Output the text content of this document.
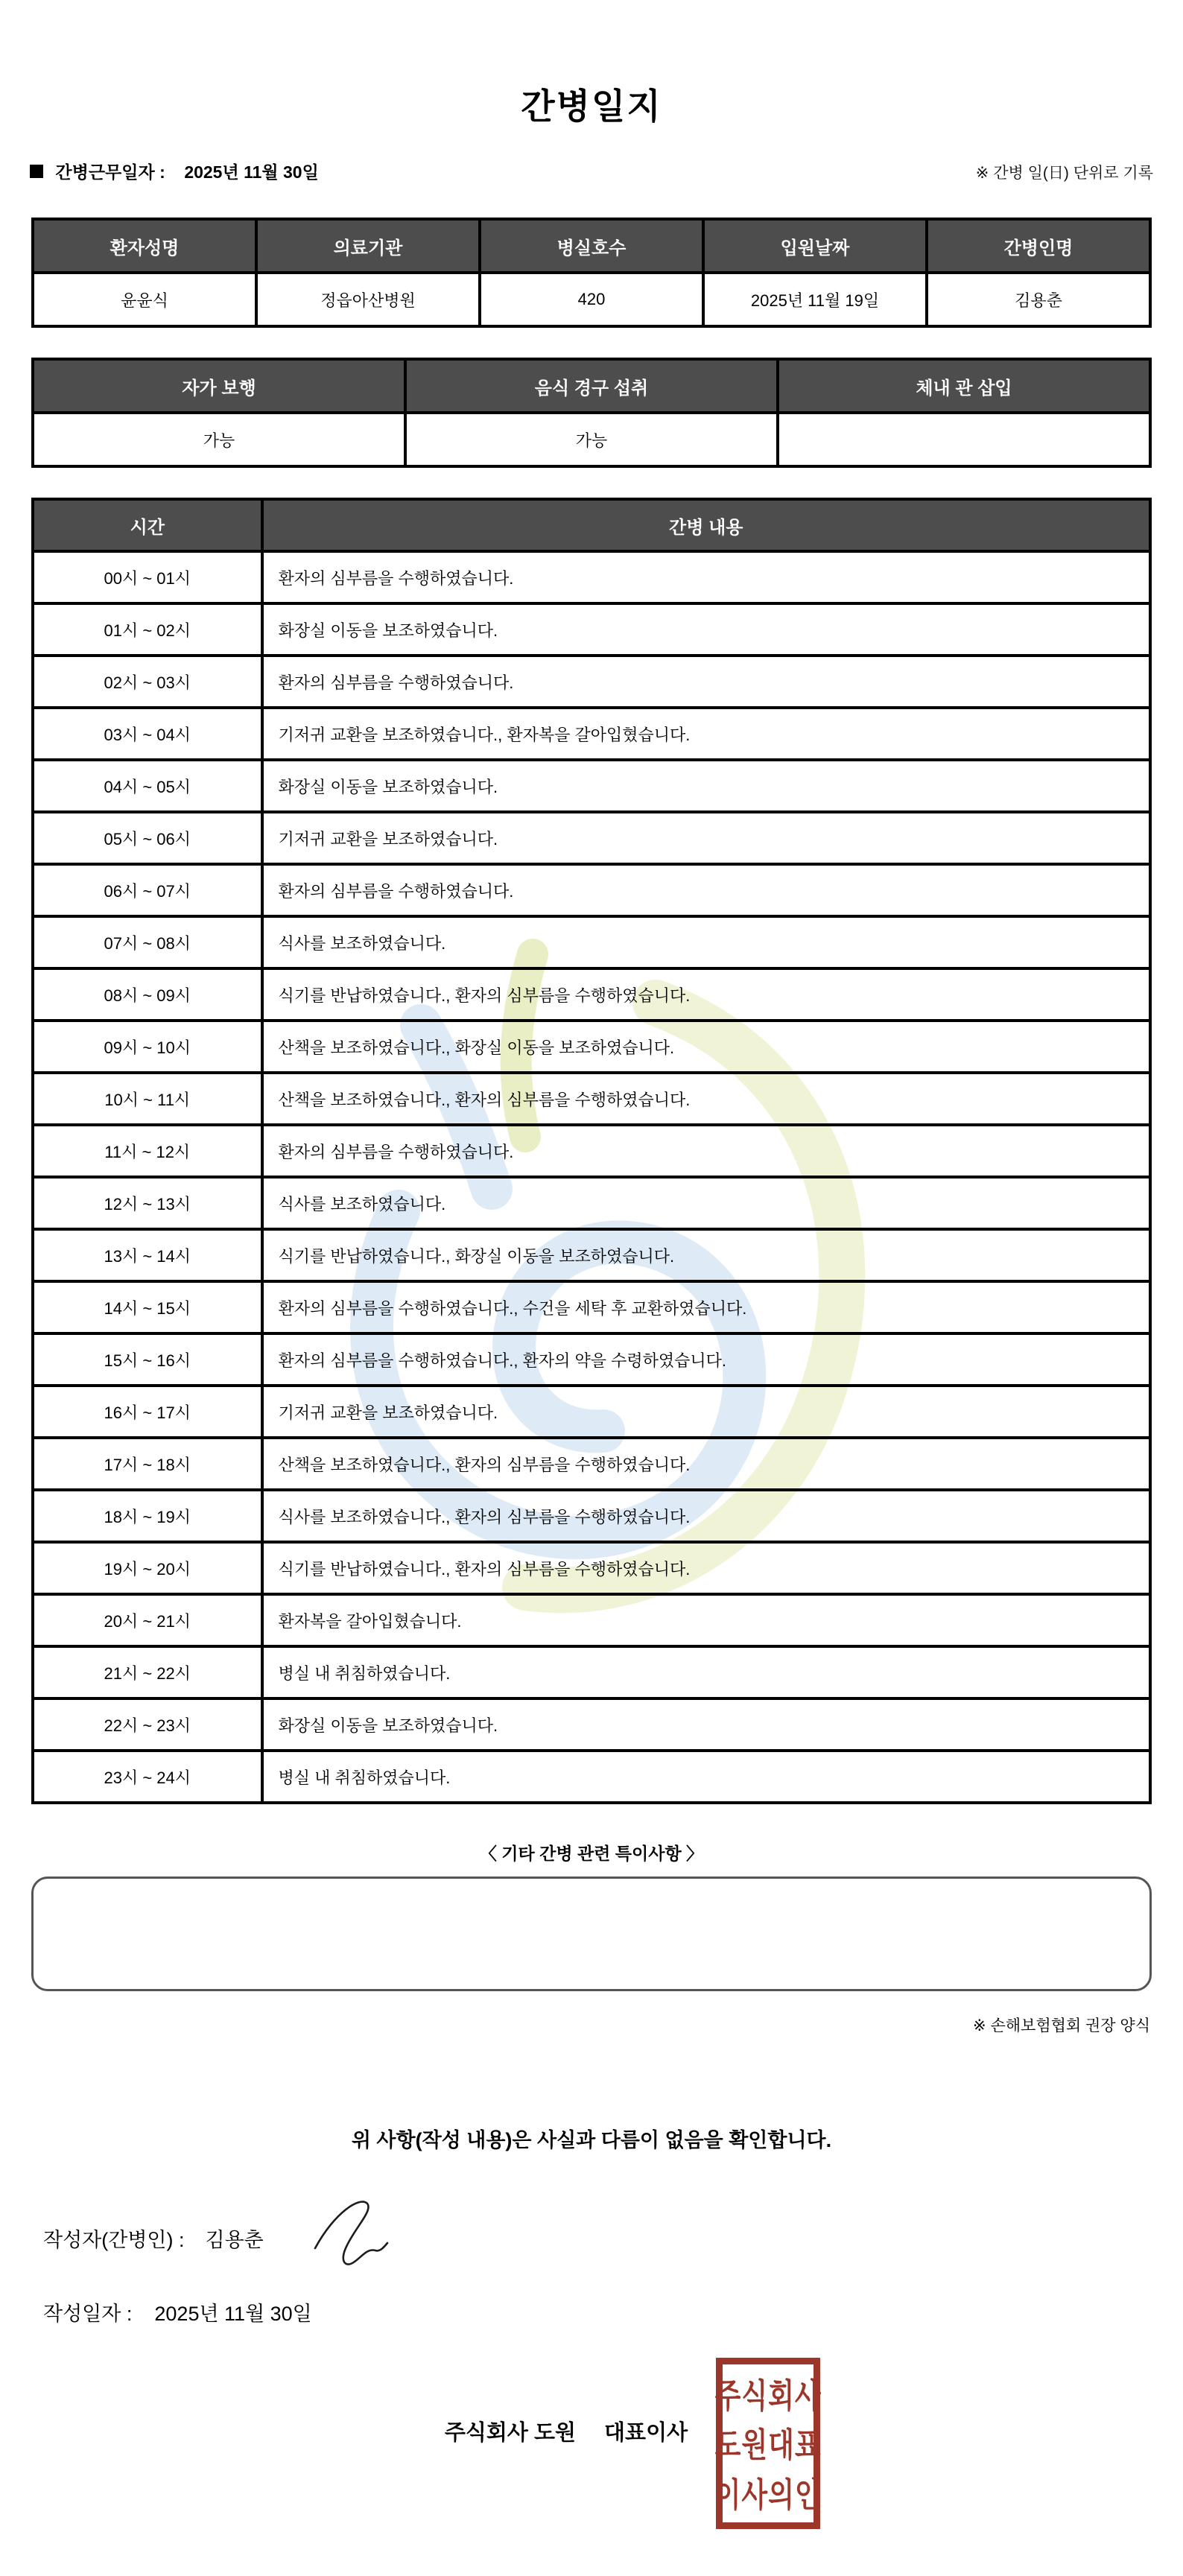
간병일지
간병근무일자 : 2025년 11월 30일	※ 간병 일(日) 단위로 기록
환자성명	의료기관	병실호수	입원날짜	간병인명
윤윤식	정읍아산병원	420	2025년 11월 19일	김용춘
자가 보행	음식 경구 섭취	체내 관 삽입
가능	가능	
시간	간병 내용
00시 ~ 01시	환자의 심부름을 수행하였습니다.
01시 ~ 02시	화장실 이동을 보조하였습니다.
02시 ~ 03시	환자의 심부름을 수행하였습니다.
03시 ~ 04시	기저귀 교환을 보조하였습니다., 환자복을 갈아입혔습니다.
04시 ~ 05시	화장실 이동을 보조하였습니다.
05시 ~ 06시	기저귀 교환을 보조하였습니다.
06시 ~ 07시	환자의 심부름을 수행하였습니다.
07시 ~ 08시	식사를 보조하였습니다.
08시 ~ 09시	식기를 반납하였습니다., 환자의 심부름을 수행하였습니다.
09시 ~ 10시	산책을 보조하였습니다., 화장실 이동을 보조하였습니다.
10시 ~ 11시	산책을 보조하였습니다., 환자의 심부름을 수행하였습니다.
11시 ~ 12시	환자의 심부름을 수행하였습니다.
12시 ~ 13시	식사를 보조하였습니다.
13시 ~ 14시	식기를 반납하였습니다., 화장실 이동을 보조하였습니다.
14시 ~ 15시	환자의 심부름을 수행하였습니다., 수건을 세탁 후 교환하였습니다.
15시 ~ 16시	환자의 심부름을 수행하였습니다., 환자의 약을 수령하였습니다.
16시 ~ 17시	기저귀 교환을 보조하였습니다.
17시 ~ 18시	산책을 보조하였습니다., 환자의 심부름을 수행하였습니다.
18시 ~ 19시	식사를 보조하였습니다., 환자의 심부름을 수행하였습니다.
19시 ~ 20시	식기를 반납하였습니다., 환자의 심부름을 수행하였습니다.
20시 ~ 21시	환자복을 갈아입혔습니다.
21시 ~ 22시	병실 내 취침하였습니다.
22시 ~ 23시	화장실 이동을 보조하였습니다.
23시 ~ 24시	병실 내 취침하였습니다.
〈 기타 간병 관련 특이사항 〉
※ 손해보험협회 권장 양식
위 사항(작성 내용)은 사실과 다름이 없음을 확인합니다.
작성자(간병인) : 김용춘
작성일자 : 2025년 11월 30일
주식회사 도원 대표이사
주식회사
도원대표
이사의인
